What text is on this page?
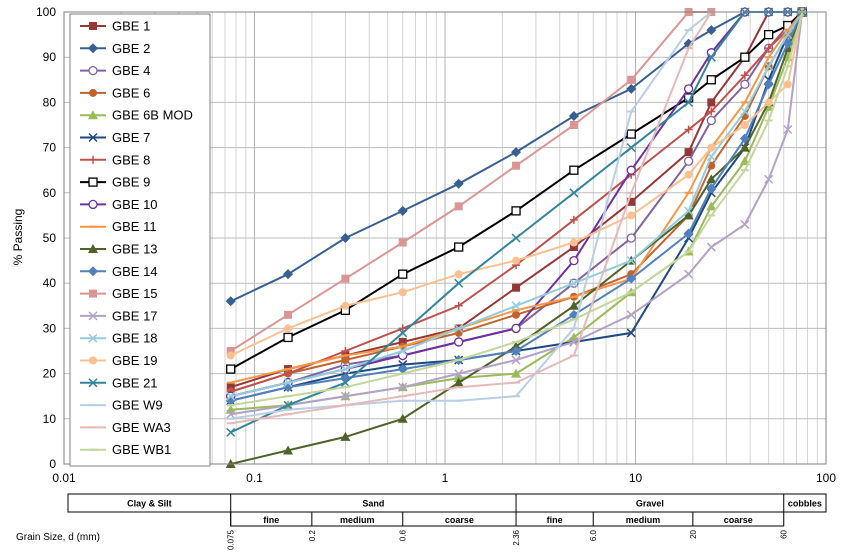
0
10
20
30
40
50
60
70
80
90
100
0.01	0.1	1	10	100
% Passing
GBE 1
GBE 2
GBE 4
GBE 6
GBE 6B MOD
GBE 7
GBE 8
GBE 9
GBE 10
GBE 11
GBE 13
GBE 14
GBE 15
GBE 17
GBE 18
GBE 19
GBE 21
GBE W9
GBE WA3
GBE WB1
Clay & Silt	Sand	Gravel	cobbles
fine	medium	coarse	fine	medium	coarse
Grain Size, d (mm)	0.075	0.2	0.6	2.36	6.0	20	60
